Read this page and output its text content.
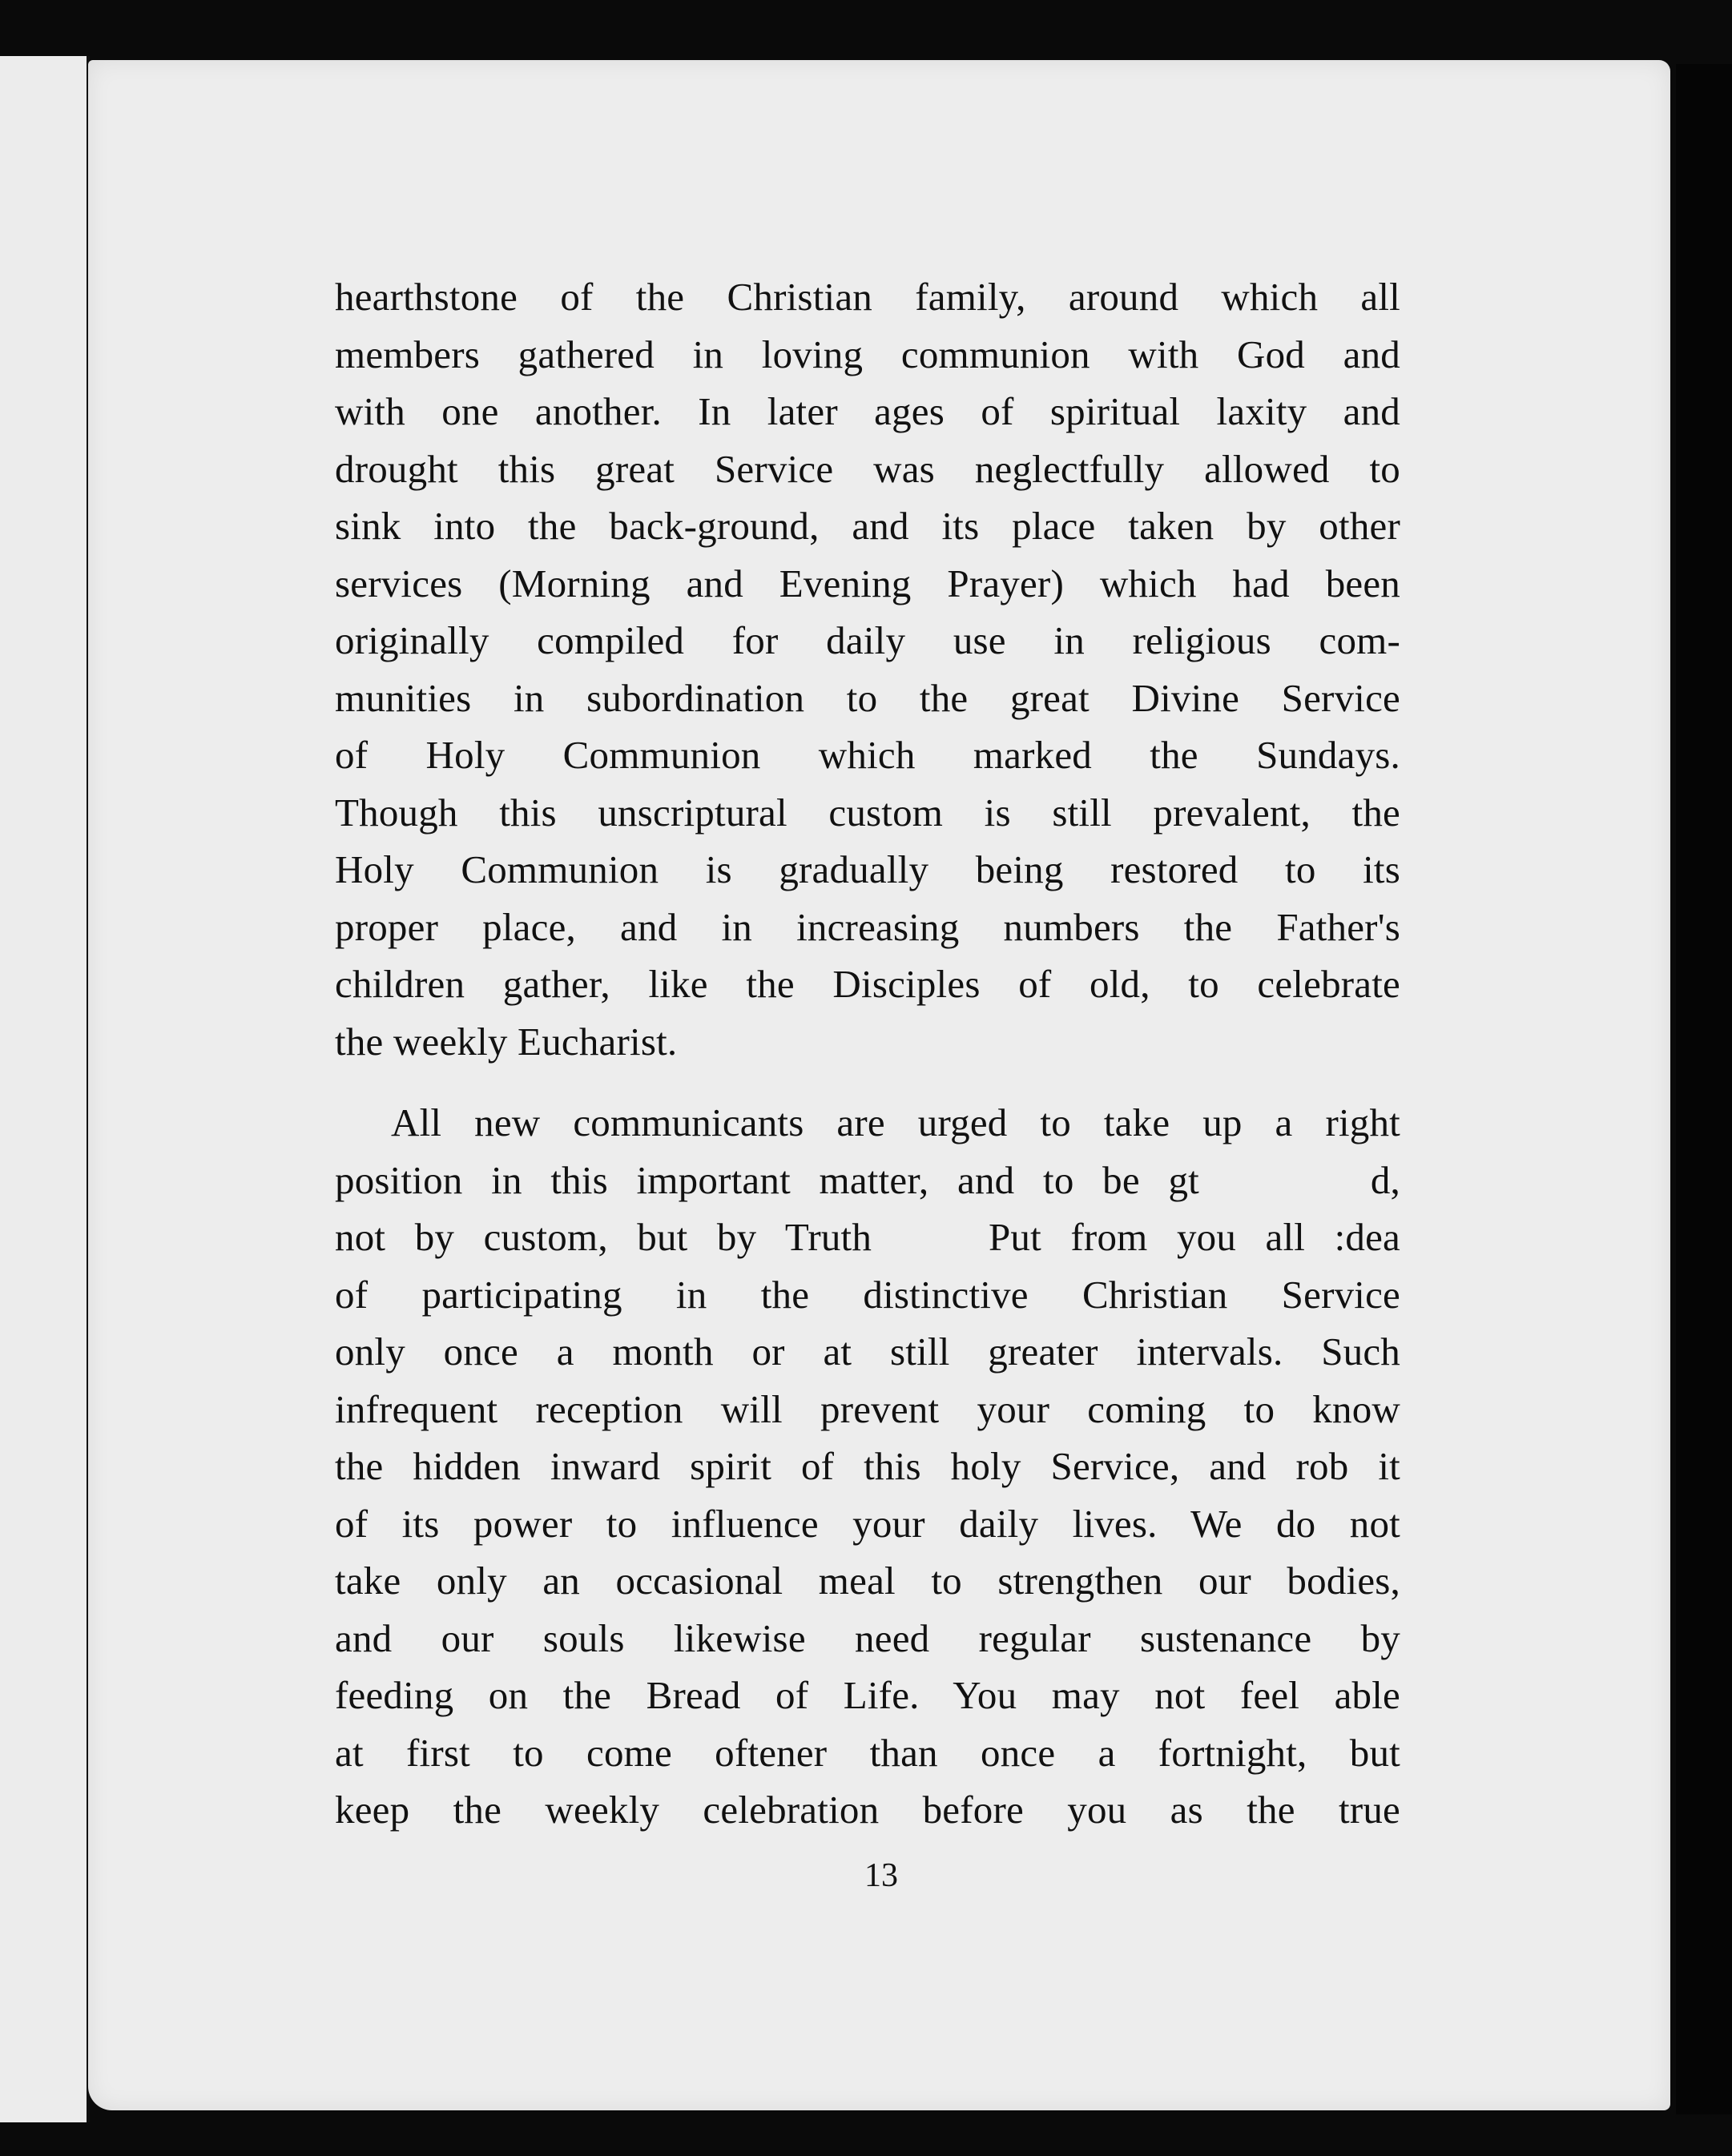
hearthstone of the Christian family, around which all
members gathered in loving communion with God and
with one another. In later ages of spiritual laxity and
drought this great Service was neglectfully allowed to
sink into the back-ground, and its place taken by other
services (Morning and Evening Prayer) which had been
originally compiled for daily use in religious com-
munities in subordination to the great Divine Service
of Holy Communion which marked the Sundays.
Though this unscriptural custom is still prevalent, the
Holy Communion is gradually being restored to its
proper place, and in increasing numbers the Father's
children gather, like the Disciples of old, to celebrate
the weekly Eucharist.

All new communicants are urged to take up a right
position in this important matter, and to be gt      d,
not by custom, but by Truth    Put from you all :dea
of participating in the distinctive Christian Service
only once a month or at still greater intervals. Such
infrequent reception will prevent your coming to know
the hidden inward spirit of this holy Service, and rob it
of its power to influence your daily lives. We do not
take only an occasional meal to strengthen our bodies,
and our souls likewise need regular sustenance by
feeding on the Bread of Life. You may not feel able
at first to come oftener than once a fortnight, but
keep the weekly celebration before you as the true

13
